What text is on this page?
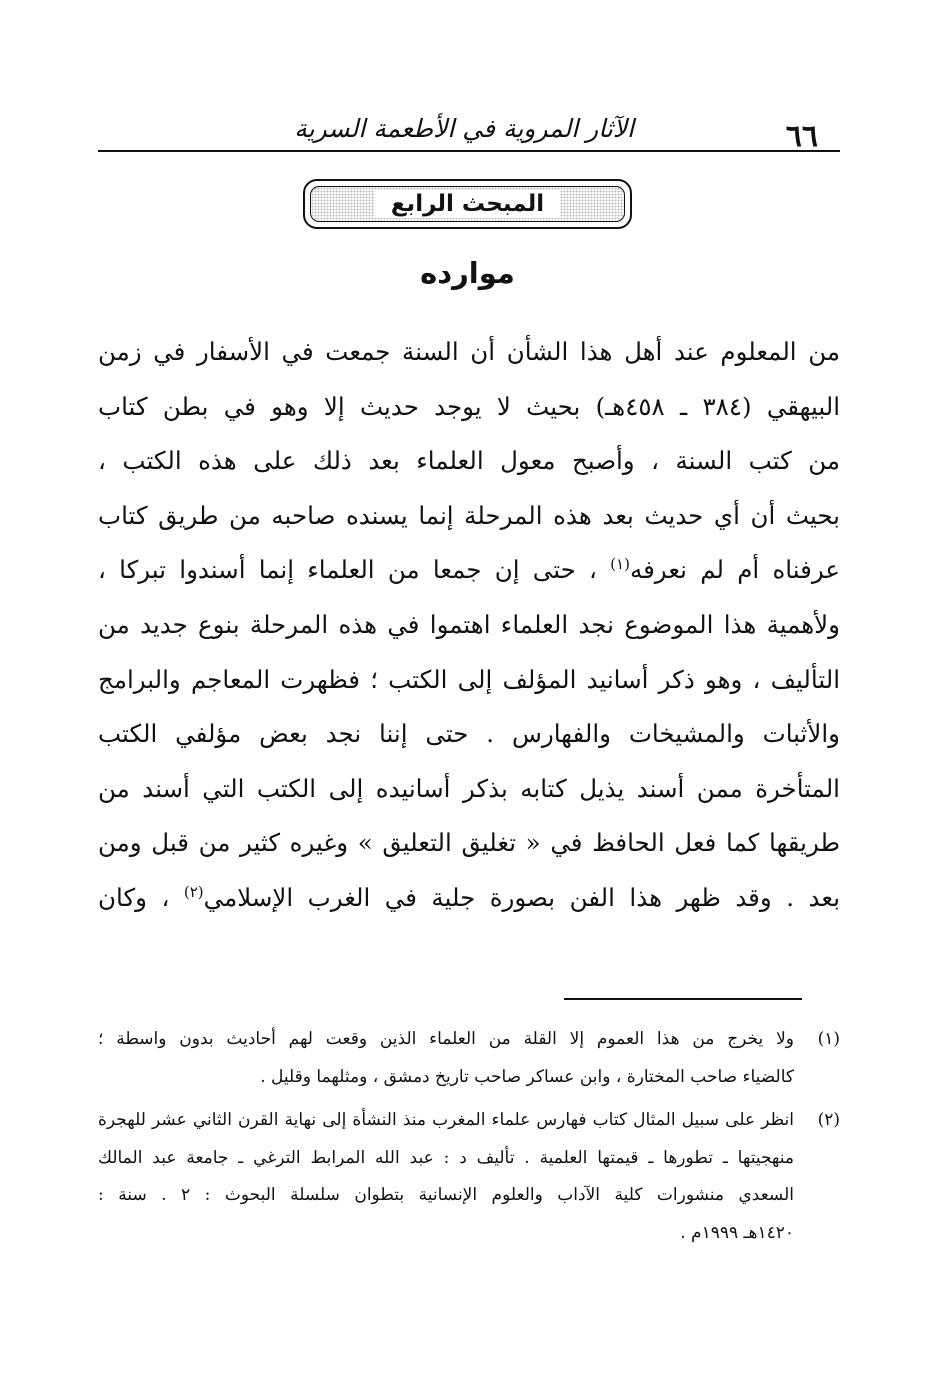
٦٦
الآثار المروية في الأطعمة السرية
المبحث الرابع
موارده
من المعلوم عند أهل هذا الشأن أن السنة جمعت في الأسفار في زمن
البيهقي (٣٨٤ ـ ٤٥٨هـ) بحيث لا يوجد حديث إلا وهو في بطن كتاب
من كتب السنة ، وأصبح معول العلماء بعد ذلك على هذه الكتب ،
بحيث أن أي حديث بعد هذه المرحلة إنما يسنده صاحبه من طريق كتاب
عرفناه أم لم نعرفه$^{(١)}$ ، حتى إن جمعا من العلماء إنما أسندوا تبركا ،
ولأهمية هذا الموضوع نجد العلماء اهتموا في هذه المرحلة بنوع جديد من
التأليف ، وهو ذكر أسانيد المؤلف إلى الكتب ؛ فظهرت المعاجم والبرامج
والأثبات والمشيخات والفهارس . حتى إننا نجد بعض مؤلفي الكتب
المتأخرة ممن أسند يذيل كتابه بذكر أسانيده إلى الكتب التي أسند من
طريقها كما فعل الحافظ في « تغليق التعليق » وغيره كثير من قبل ومن
بعد . وقد ظهر هذا الفن بصورة جلية في الغرب الإسلامي$^{(٢)}$ ، وكان
(١)
ولا يخرج من هذا العموم إلا القلة من العلماء الذين وقعت لهم أحاديث بدون واسطة ؛
كالضياء صاحب المختارة ، وابن عساكر صاحب تاريخ دمشق ، ومثلهما وقليل .
(٢)
انظر على سبيل المثال كتاب فهارس علماء المغرب منذ النشأة إلى نهاية القرن الثاني عشر للهجرة
منهجيتها ـ تطورها ـ قيمتها العلمية . تأليف د : عبد الله المرابط الترغي ـ جامعة عبد المالك
السعدي منشورات كلية الآداب والعلوم الإنسانية بتطوان سلسلة البحوث : ٢ . سنة :
١٤٢٠هـ ١٩٩٩م .
